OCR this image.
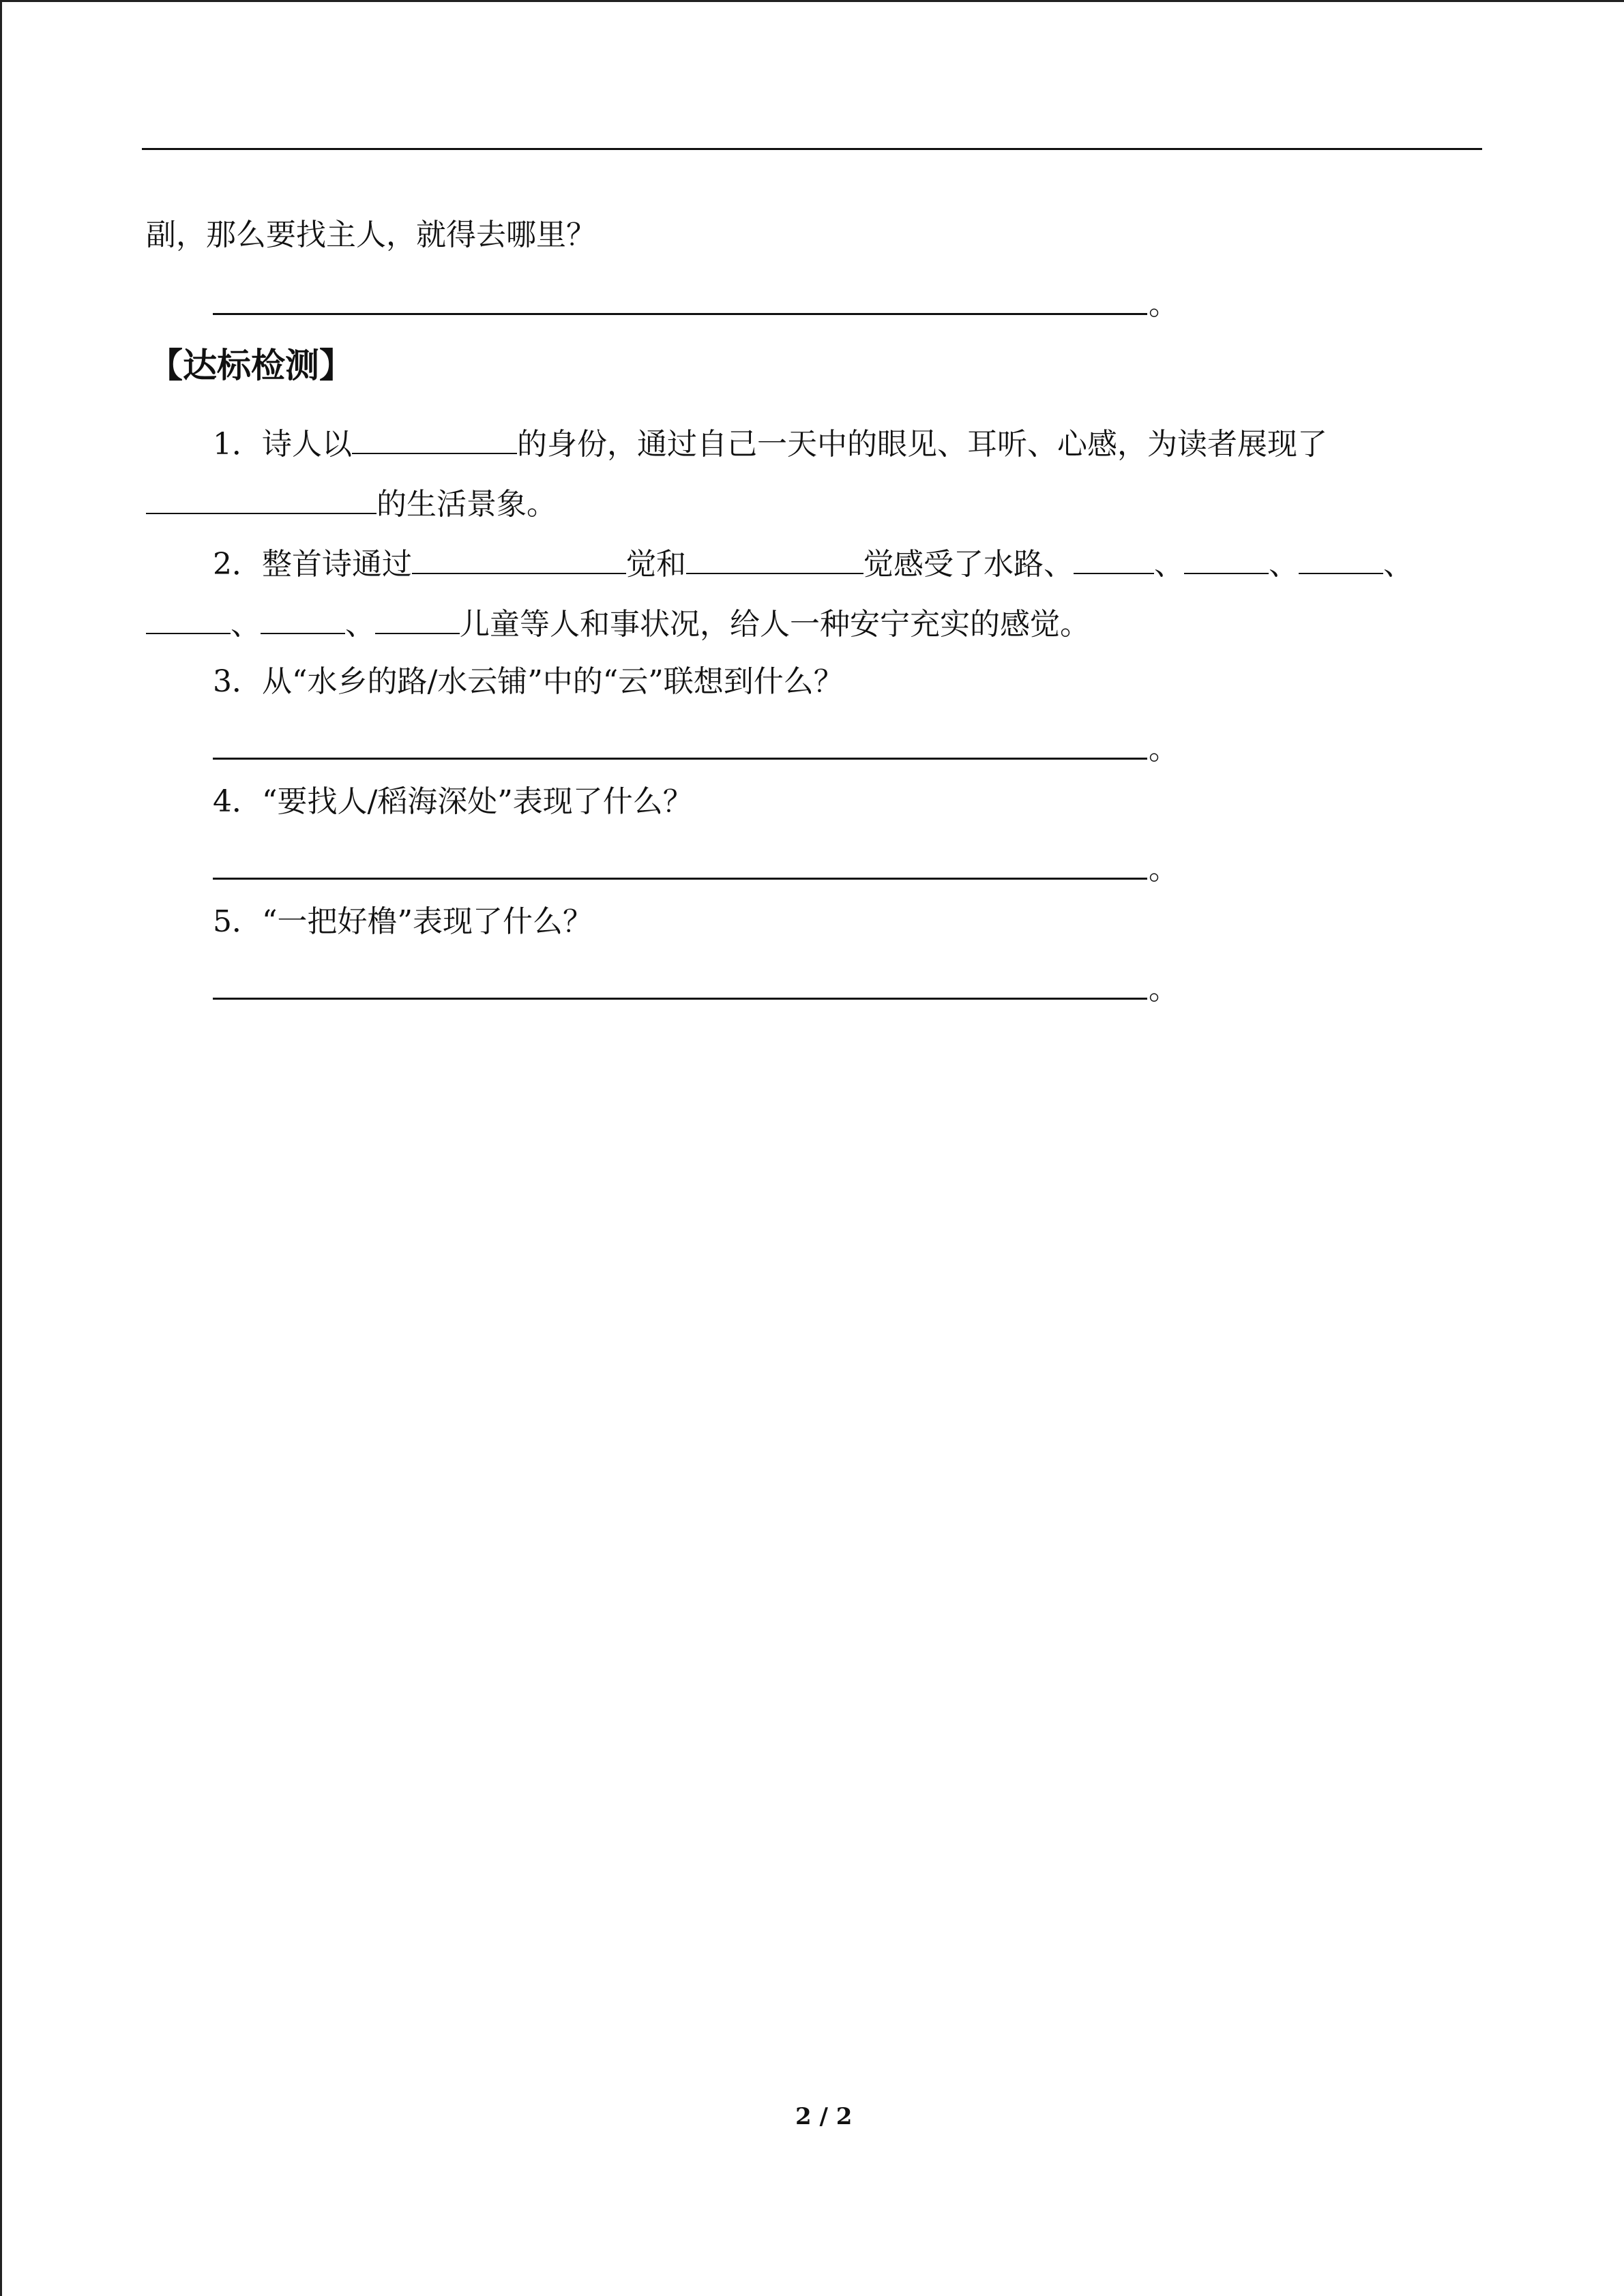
副，那么要找主人，就得去哪里？
。
【达标检测】
1．诗人以	的身份，通过自己一天中的眼见、耳听、心感，为读者展现了
的生活景象。
2．整首诗通过	觉和	觉感受了水路、	、	、	、
、	、	儿童等人和事状况，给人一种安宁充实的感觉。
3．从“水乡的路/水云铺”中的“云”联想到什么？
。
4．“要找人/稻海深处”表现了什么？
。
5．“一把好橹”表现了什么？
。
2 / 2
